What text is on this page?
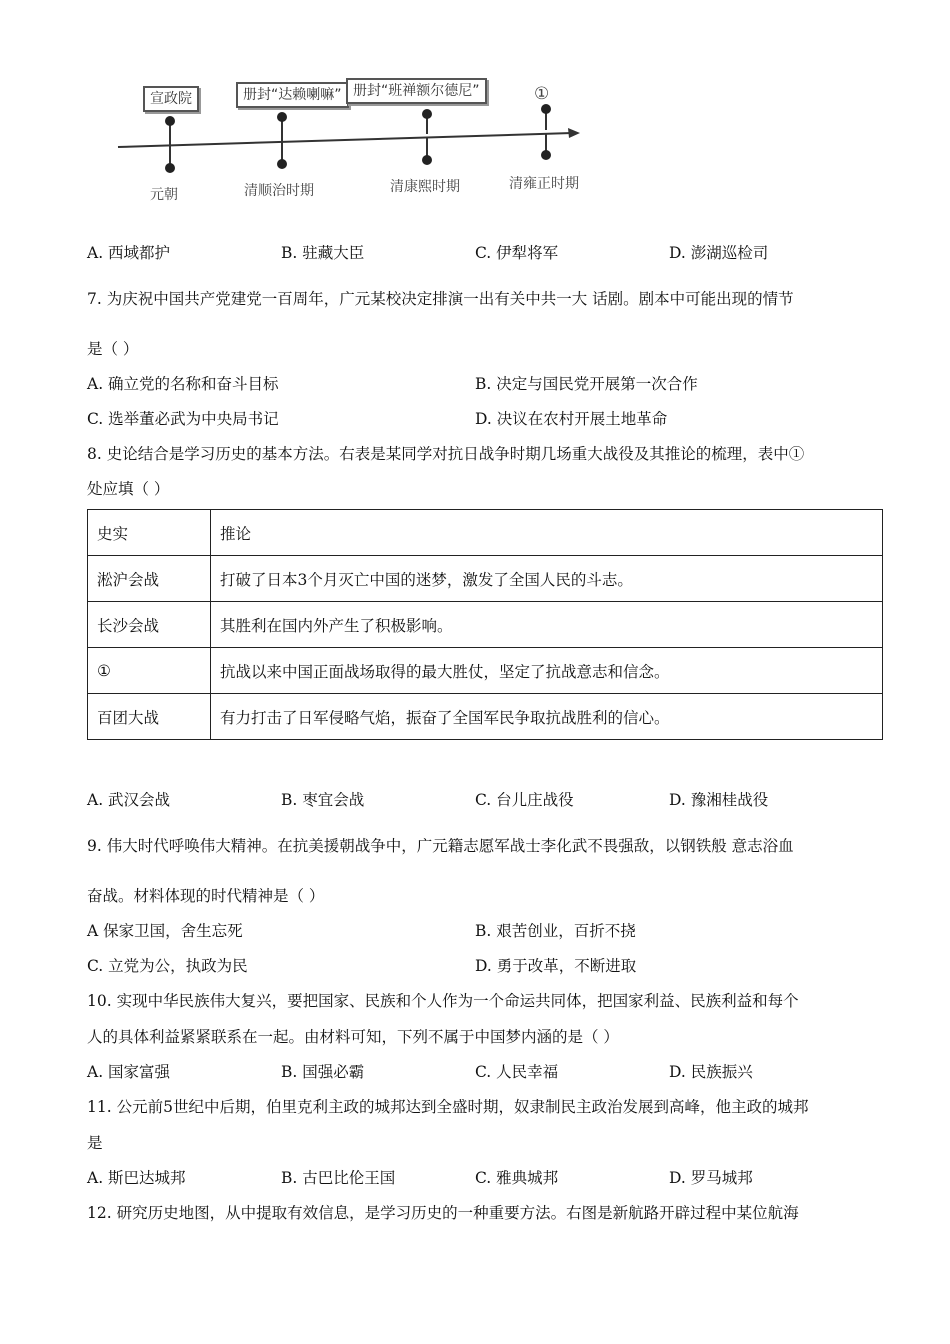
宣政院	册封“达赖喇嘛” 册封“班禅额尔德尼”	①
元朝	清顺治时期	清康熙时期	清雍正时期
A. 西域都护	B. 驻藏大臣	C. 伊犁将军	D. 澎湖巡检司
7. 为庆祝中国共产党建党一百周年，广元某校决定排演一出有关中共一大 话剧。剧本中可能出现的情节
是（ ）
A. 确立党的名称和奋斗目标	B. 决定与国民党开展第一次合作
C. 选举董必武为中央局书记	D. 决议在农村开展土地革命
8. 史论结合是学习历史的基本方法。右表是某同学对抗日战争时期几场重大战役及其推论的梳理，表中①
处应填（ ）
史实	推论
淞沪会战	打破了日本3个月灭亡中国的迷梦，激发了全国人民的斗志。
长沙会战	其胜利在国内外产生了积极影响。
①	抗战以来中国正面战场取得的最大胜仗，坚定了抗战意志和信念。
百团大战	有力打击了日军侵略气焰，振奋了全国军民争取抗战胜利的信心。
A. 武汉会战	B. 枣宜会战	C. 台儿庄战役	D. 豫湘桂战役
9. 伟大时代呼唤伟大精神。在抗美援朝战争中，广元籍志愿军战士李化武不畏强敌，以钢铁般 意志浴血
奋战。材料体现的时代精神是（ ）
A 保家卫国，舍生忘死	B. 艰苦创业，百折不挠
C. 立党为公，执政为民	D. 勇于改革，不断进取
10. 实现中华民族伟大复兴，要把国家、民族和个人作为一个命运共同体，把国家利益、民族利益和每个
人的具体利益紧紧联系在一起。由材料可知，下列不属于中国梦内涵的是（ ）
A. 国家富强	B. 国强必霸	C. 人民幸福	D. 民族振兴
11. 公元前5世纪中后期，伯里克利主政的城邦达到全盛时期，奴隶制民主政治发展到高峰，他主政的城邦
是
A. 斯巴达城邦	B. 古巴比伦王国	C. 雅典城邦	D. 罗马城邦
12. 研究历史地图，从中提取有效信息，是学习历史的一种重要方法。右图是新航路开辟过程中某位航海
